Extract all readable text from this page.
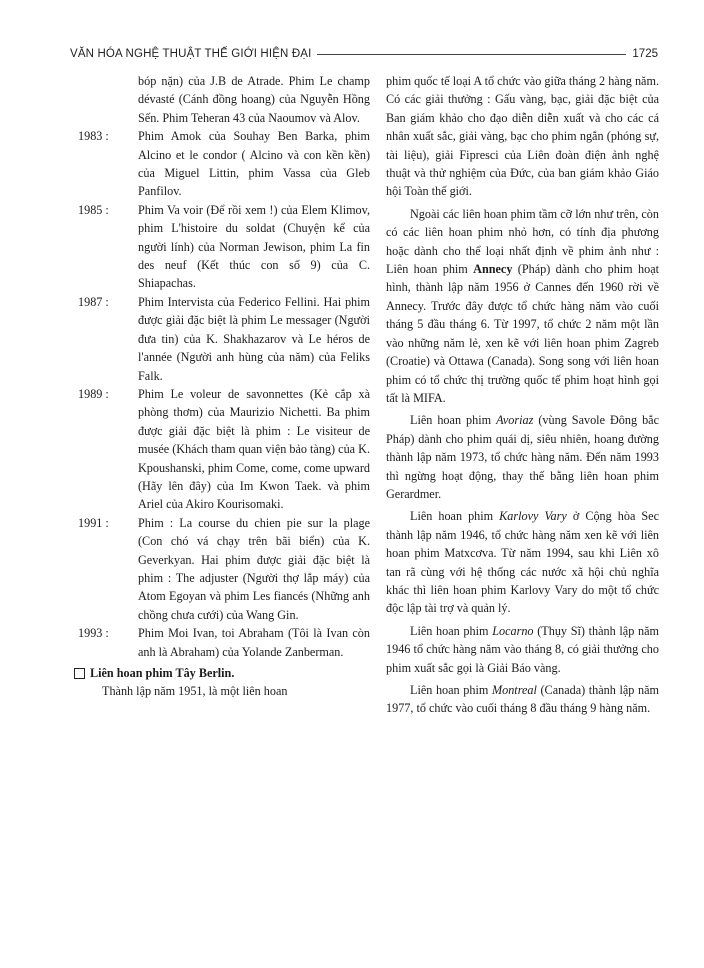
VĂN HÓA NGHỆ THUẬT THẾ GIỚI HIỆN ĐẠI	1725
bóp nặn) của J.B de Atrade. Phim Le champ dévasté (Cánh đồng hoang) của Nguyễn Hồng Sến. Phim Teheran 43 của Naoumov và Alov.
1983 :	Phim Amok của Souhay Ben Barka, phim Alcino et le condor ( Alcino và con kền kền) của Miguel Littin, phim Vassa của Gleb Panfilov.
1985 :	Phim Va voir (Để rồi xem !) của Elem Klimov, phim L'histoire du soldat (Chuyện kể của người lính) của Norman Jewison, phim La fin des neuf (Kết thúc con số 9) của C. Shiapachas.
1987 :	Phim Intervista của Federico Fellini. Hai phim được giải đặc biệt là phim Le messager (Người đưa tin) của K. Shakhazarov và Le héros de l'année (Người anh hùng của năm) của Feliks Falk.
1989 :	Phim Le voleur de savonnettes (Kẻ cắp xà phòng thơm) của Maurizio Nichetti. Ba phim được giải đặc biệt là phim : Le visiteur de musée (Khách tham quan viện bảo tàng) của K. Kpoushanski, phim Come, come, come upward (Hãy lên đây) của Im Kwon Taek. và phim Ariel của Akiro Kourisomaki.
1991 :	Phim : La course du chien pie sur la plage (Con chó vá chạy trên bãi biển) của K. Geverkyan. Hai phim được giải đặc biệt là phim : The adjuster (Người thợ lắp máy) của Atom Egoyan và phim Les fiancés (Những anh chồng chưa cưới) của Wang Gin.
1993 :	Phim Moi Ivan, toi Abraham (Tôi là Ivan còn anh là Abraham) của Yolande Zanberman.
Liên hoan phim Tây Berlin.

Thành lập năm 1951, là một liên hoan

phim quốc tế loại A tổ chức vào giữa tháng 2 hàng năm. Có các giải thưởng : Gấu vàng, bạc, giải đặc biệt của Ban giám khảo cho đạo diễn diễn xuất và cho các cá nhân xuất sắc, giải vàng, bạc cho phim ngắn (phóng sự, tài liệu), giải Fipresci của Liên đoàn điện ảnh nghệ thuật và thử nghiệm của Đức, của ban giám khảo Giáo hội Toàn thế giới.

Ngoài các liên hoan phim tầm cỡ lớn như trên, còn có các liên hoan phim nhỏ hơn, có tính địa phương hoặc dành cho thể loại nhất định về phim ảnh như : Liên hoan phim Annecy (Pháp) dành cho phim hoạt hình, thành lập năm 1956 ở Cannes đến 1960 rời về Annecy. Trước đây được tổ chức hàng năm vào cuối tháng 5 đầu tháng 6. Từ 1997, tổ chức 2 năm một lần vào những năm lẻ, xen kẽ với liên hoan phim Zagreb (Croatie) và Ottawa (Canada). Song song với liên hoan phim có tổ chức thị trường quốc tế phim hoạt hình gọi tất là MIFA.

Liên hoan phim Avoriaz (vùng Savole Đông bắc Pháp) dành cho phim quái dị, siêu nhiên, hoang đường thành lập năm 1973, tổ chức hàng năm. Đến năm 1993 thì ngừng hoạt động, thay thế bằng liên hoan phim Gerardmer.

Liên hoan phim Karlovy Vary ở Cộng hòa Sec thành lập năm 1946, tổ chức hàng năm xen kẽ với liên hoan phim Matxcơva. Từ năm 1994, sau khi Liên xô tan rã cùng với hệ thống các nước xã hội chủ nghĩa khác thì liên hoan phim Karlovy Vary do một tổ chức độc lập tài trợ và quản lý.

Liên hoan phim Locarno (Thụy Sĩ) thành lập năm 1946 tổ chức hàng năm vào tháng 8, có giải thưởng cho phim xuất sắc gọi là Giải Báo vàng.

Liên hoan phim Montreal (Canada) thành lập năm 1977, tổ chức vào cuối tháng 8 đầu tháng 9 hàng năm.
